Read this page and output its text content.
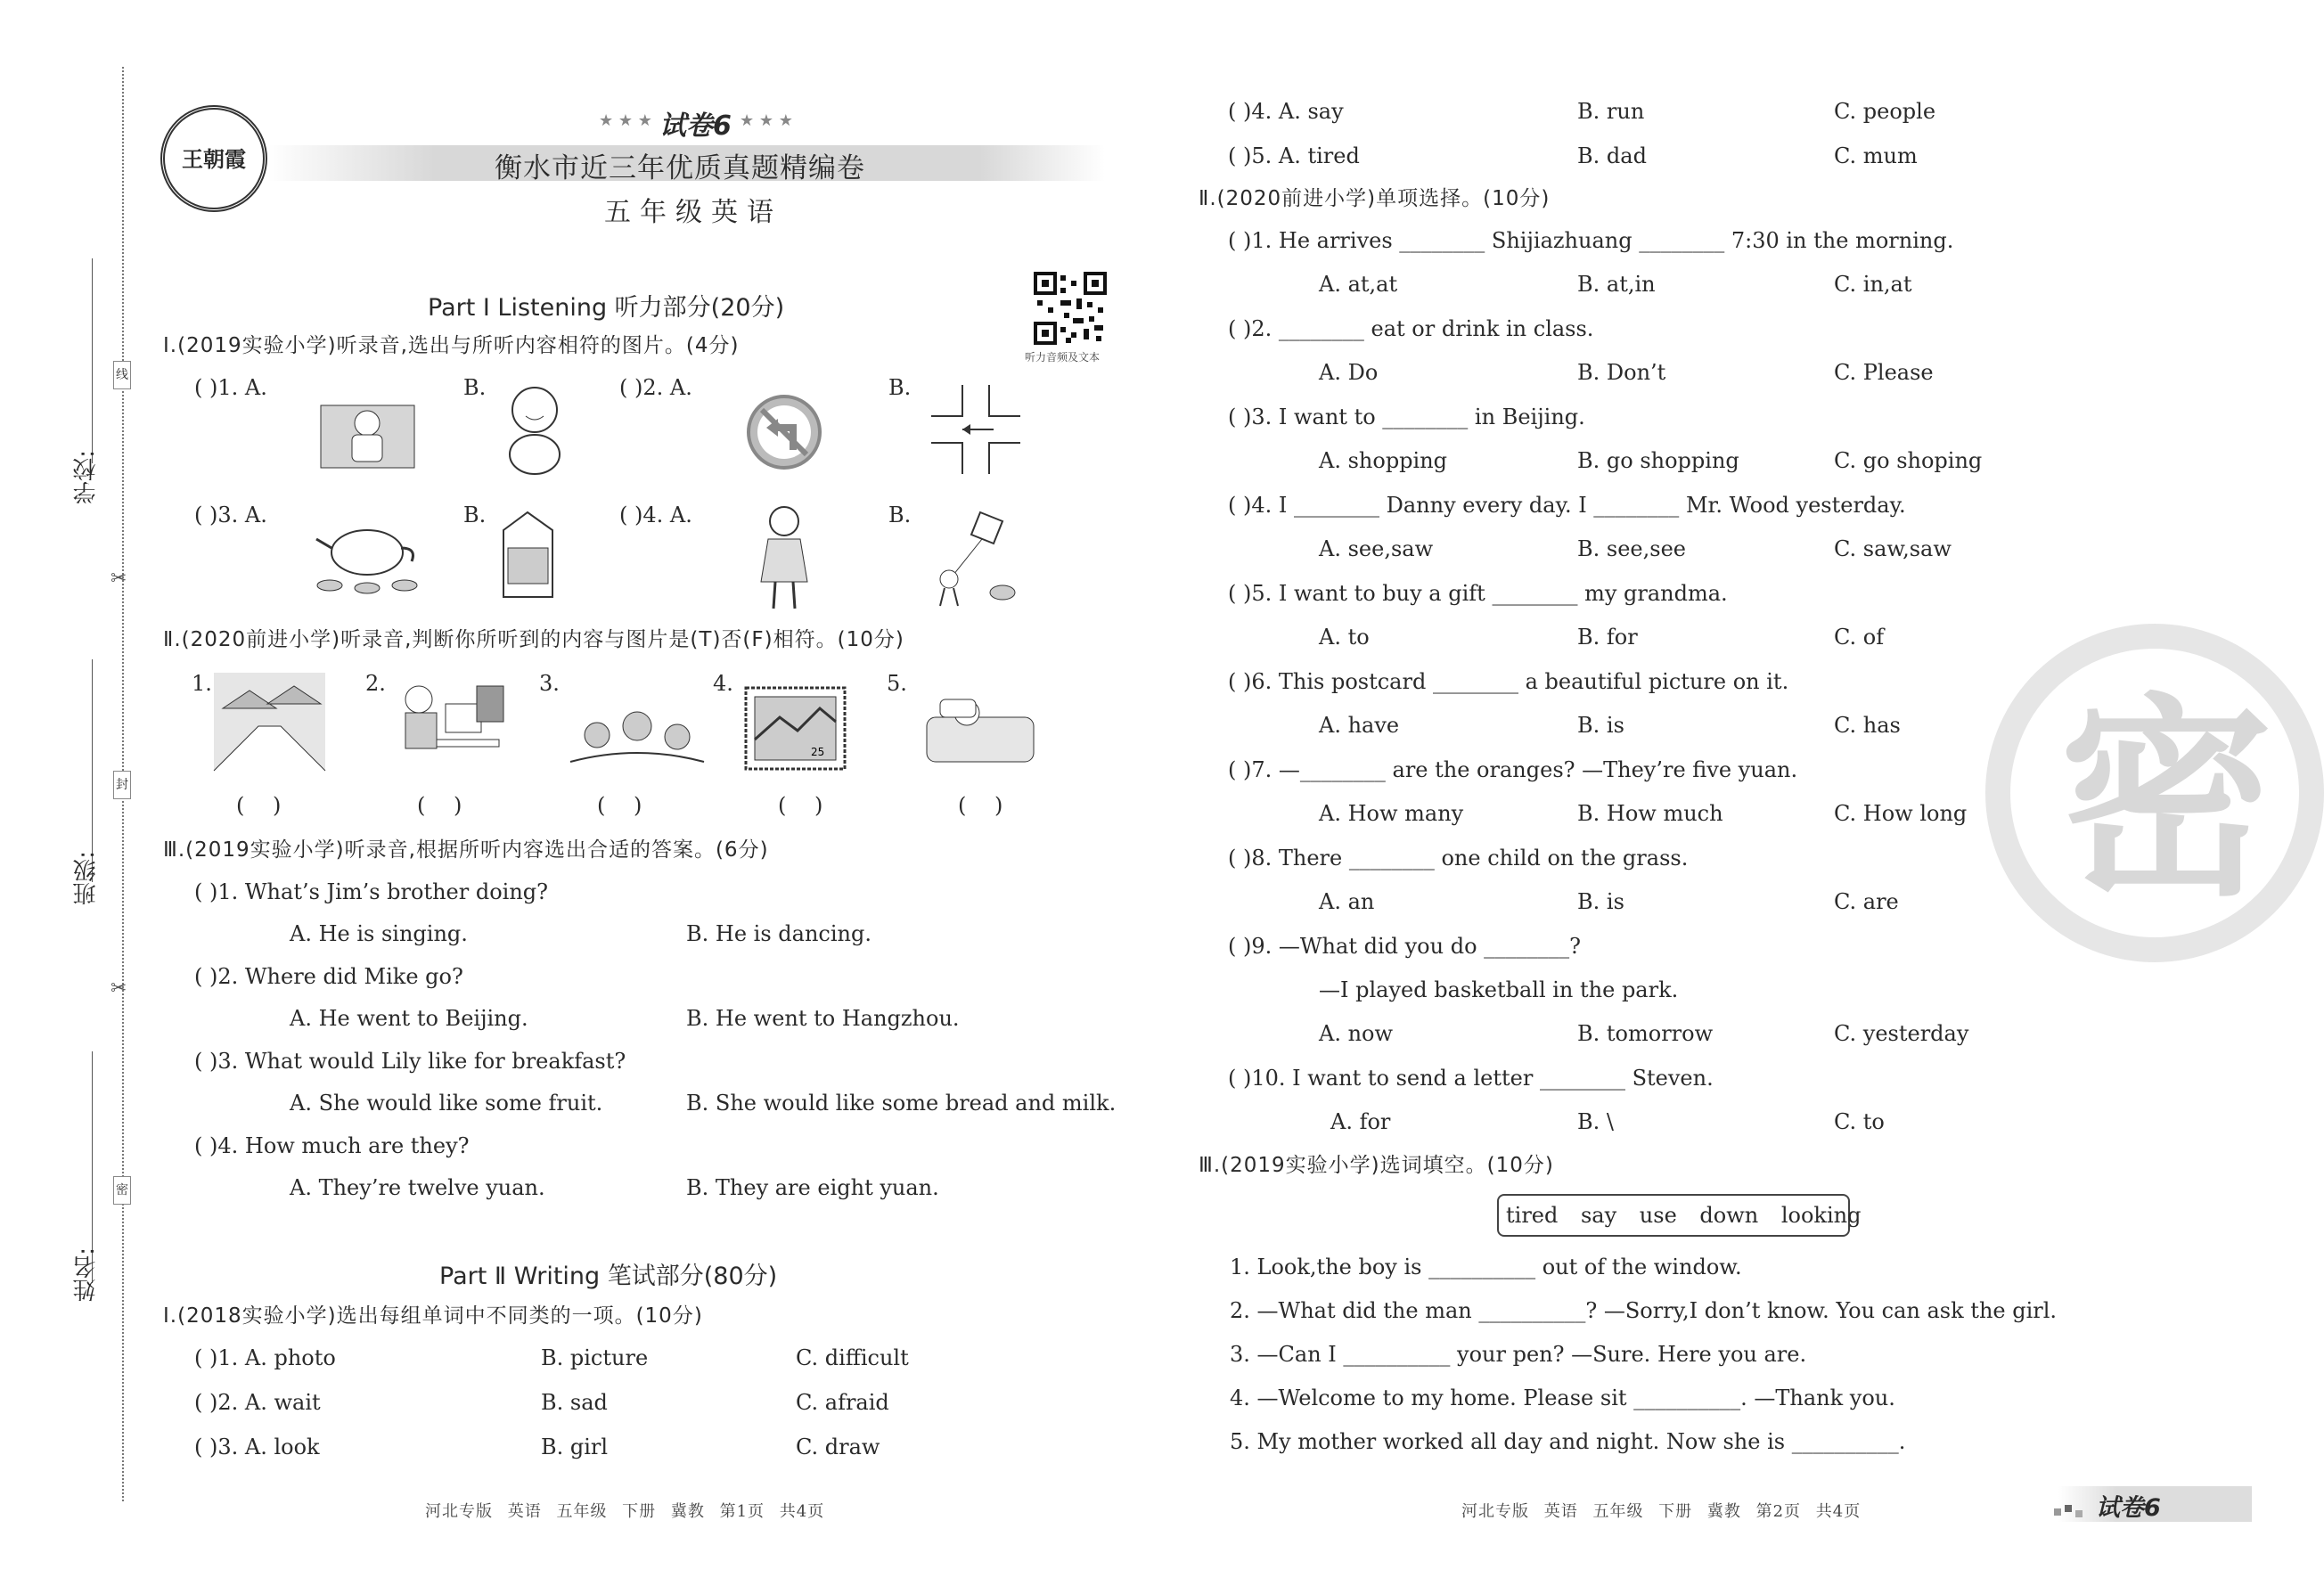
学校:
班级:
姓名:
线
封
密
✂
✂
王朝霞
★ ★ ★ 试卷6 ★ ★ ★
衡水市近三年优质真题精编卷
五年级英语
听力音频及文本
Part Ⅰ Listening 听力部分(20分)
Ⅰ.(2019实验小学)听录音,选出与所听内容相符的图片。(4分)
( )1. A.	B.	( )2. A.	B.
( )3. A.	B.	( )4. A.	B.
Ⅱ.(2020前进小学)听录音,判断你所听到的内容与图片是(T)否(F)相符。(10分)
1.	2.	3.	4.
25
5.
( )	( )	( )	( )	( )
Ⅲ.(2019实验小学)听录音,根据所听内容选出合适的答案。(6分)
( )1. What’s Jim’s brother doing?
A. He is singing.	B. He is dancing.
( )2. Where did Mike go?
A. He went to Beijing.	B. He went to Hangzhou.
( )3. What would Lily like for breakfast?
A. She would like some fruit.	B. She would like some bread and milk.
( )4. How much are they?
A. They’re twelve yuan.	B. They are eight yuan.
Part Ⅱ Writing 笔试部分(80分)
Ⅰ.(2018实验小学)选出每组单词中不同类的一项。(10分)
( )1. A. photo	B. picture	C. difficult
( )2. A. wait	B. sad	C. afraid
( )3. A. look	B. girl	C. draw
河北专版 英语 五年级 下册 冀教 第1页 共4页
( )4. A. say	B. run	C. people
( )5. A. tired	B. dad	C. mum
Ⅱ.(2020前进小学)单项选择。(10分)
( )1. He arrives ________ Shijiazhuang ________ 7:30 in the morning.
A. at,at	B. at,in	C. in,at
( )2. ________ eat or drink in class.
A. Do	B. Don’t	C. Please
( )3. I want to ________ in Beijing.
A. shopping	B. go shopping	C. go shoping
( )4. I ________ Danny every day. I ________ Mr. Wood yesterday.
A. see,saw	B. see,see	C. saw,saw
( )5. I want to buy a gift ________ my grandma.
A. to	B. for	C. of
( )6. This postcard ________ a beautiful picture on it.
A. have	B. is	C. has
( )7. —________ are the oranges? —They’re five yuan.
A. How many	B. How much	C. How long
( )8. There ________ one child on the grass.
A. an	B. is	C. are
( )9. —What did you do ________?
—I played basketball in the park.
A. now	B. tomorrow	C. yesterday
( )10. I want to send a letter ________ Steven.
A. for	B. \	C. to
Ⅲ.(2019实验小学)选词填空。(10分)
tired say use down looking
1. Look,the boy is __________ out of the window.
2. —What did the man __________? —Sorry,I don’t know. You can ask the girl.
3. —Can I __________ your pen? —Sure. Here you are.
4. —Welcome to my home. Please sit __________. —Thank you.
5. My mother worked all day and night. Now she is __________.
河北专版 英语 五年级 下册 冀教 第2页 共4页
密
试卷6
